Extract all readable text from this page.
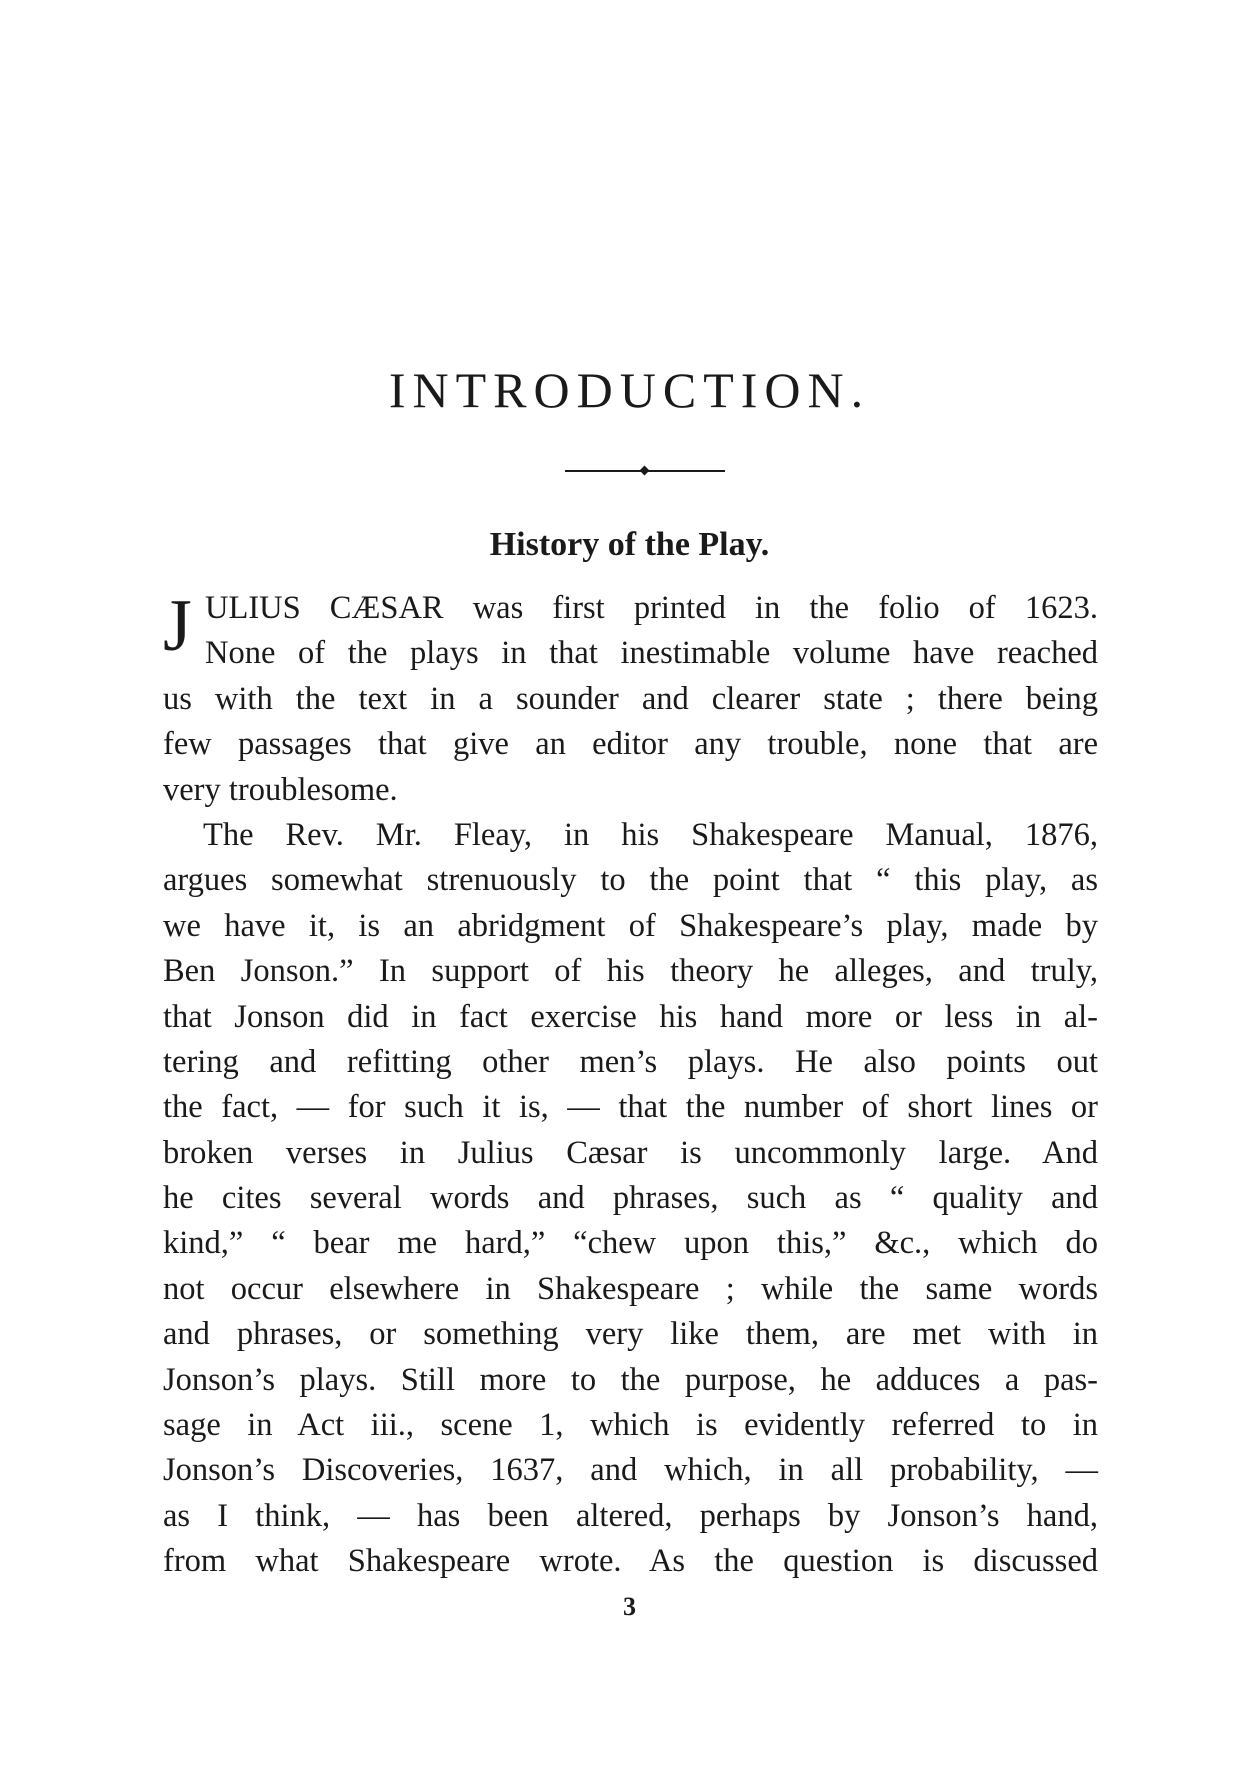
INTRODUCTION.
History of the Play.
J ULIUS CÆSAR was first printed in the folio of 1623.
None of the plays in that inestimable volume have reached
us with the text in a sounder and clearer state ; there being
few passages that give an editor any trouble, none that are
very troublesome.
The Rev. Mr. Fleay, in his Shakespeare Manual, 1876,
argues somewhat strenuously to the point that “ this play, as
we have it, is an abridgment of Shakespeare’s play, made by
Ben Jonson.” In support of his theory he alleges, and truly,
that Jonson did in fact exercise his hand more or less in al-
tering and refitting other men’s plays. He also points out
the fact, — for such it is, — that the number of short lines or
broken verses in Julius Cæsar is uncommonly large. And
he cites several words and phrases, such as “ quality and
kind,” “ bear me hard,” “chew upon this,” &c., which do
not occur elsewhere in Shakespeare ; while the same words
and phrases, or something very like them, are met with in
Jonson’s plays. Still more to the purpose, he adduces a pas-
sage in Act iii., scene 1, which is evidently referred to in
Jonson’s Discoveries, 1637, and which, in all probability, —
as I think, — has been altered, perhaps by Jonson’s hand,
from what Shakespeare wrote. As the question is discussed
3
